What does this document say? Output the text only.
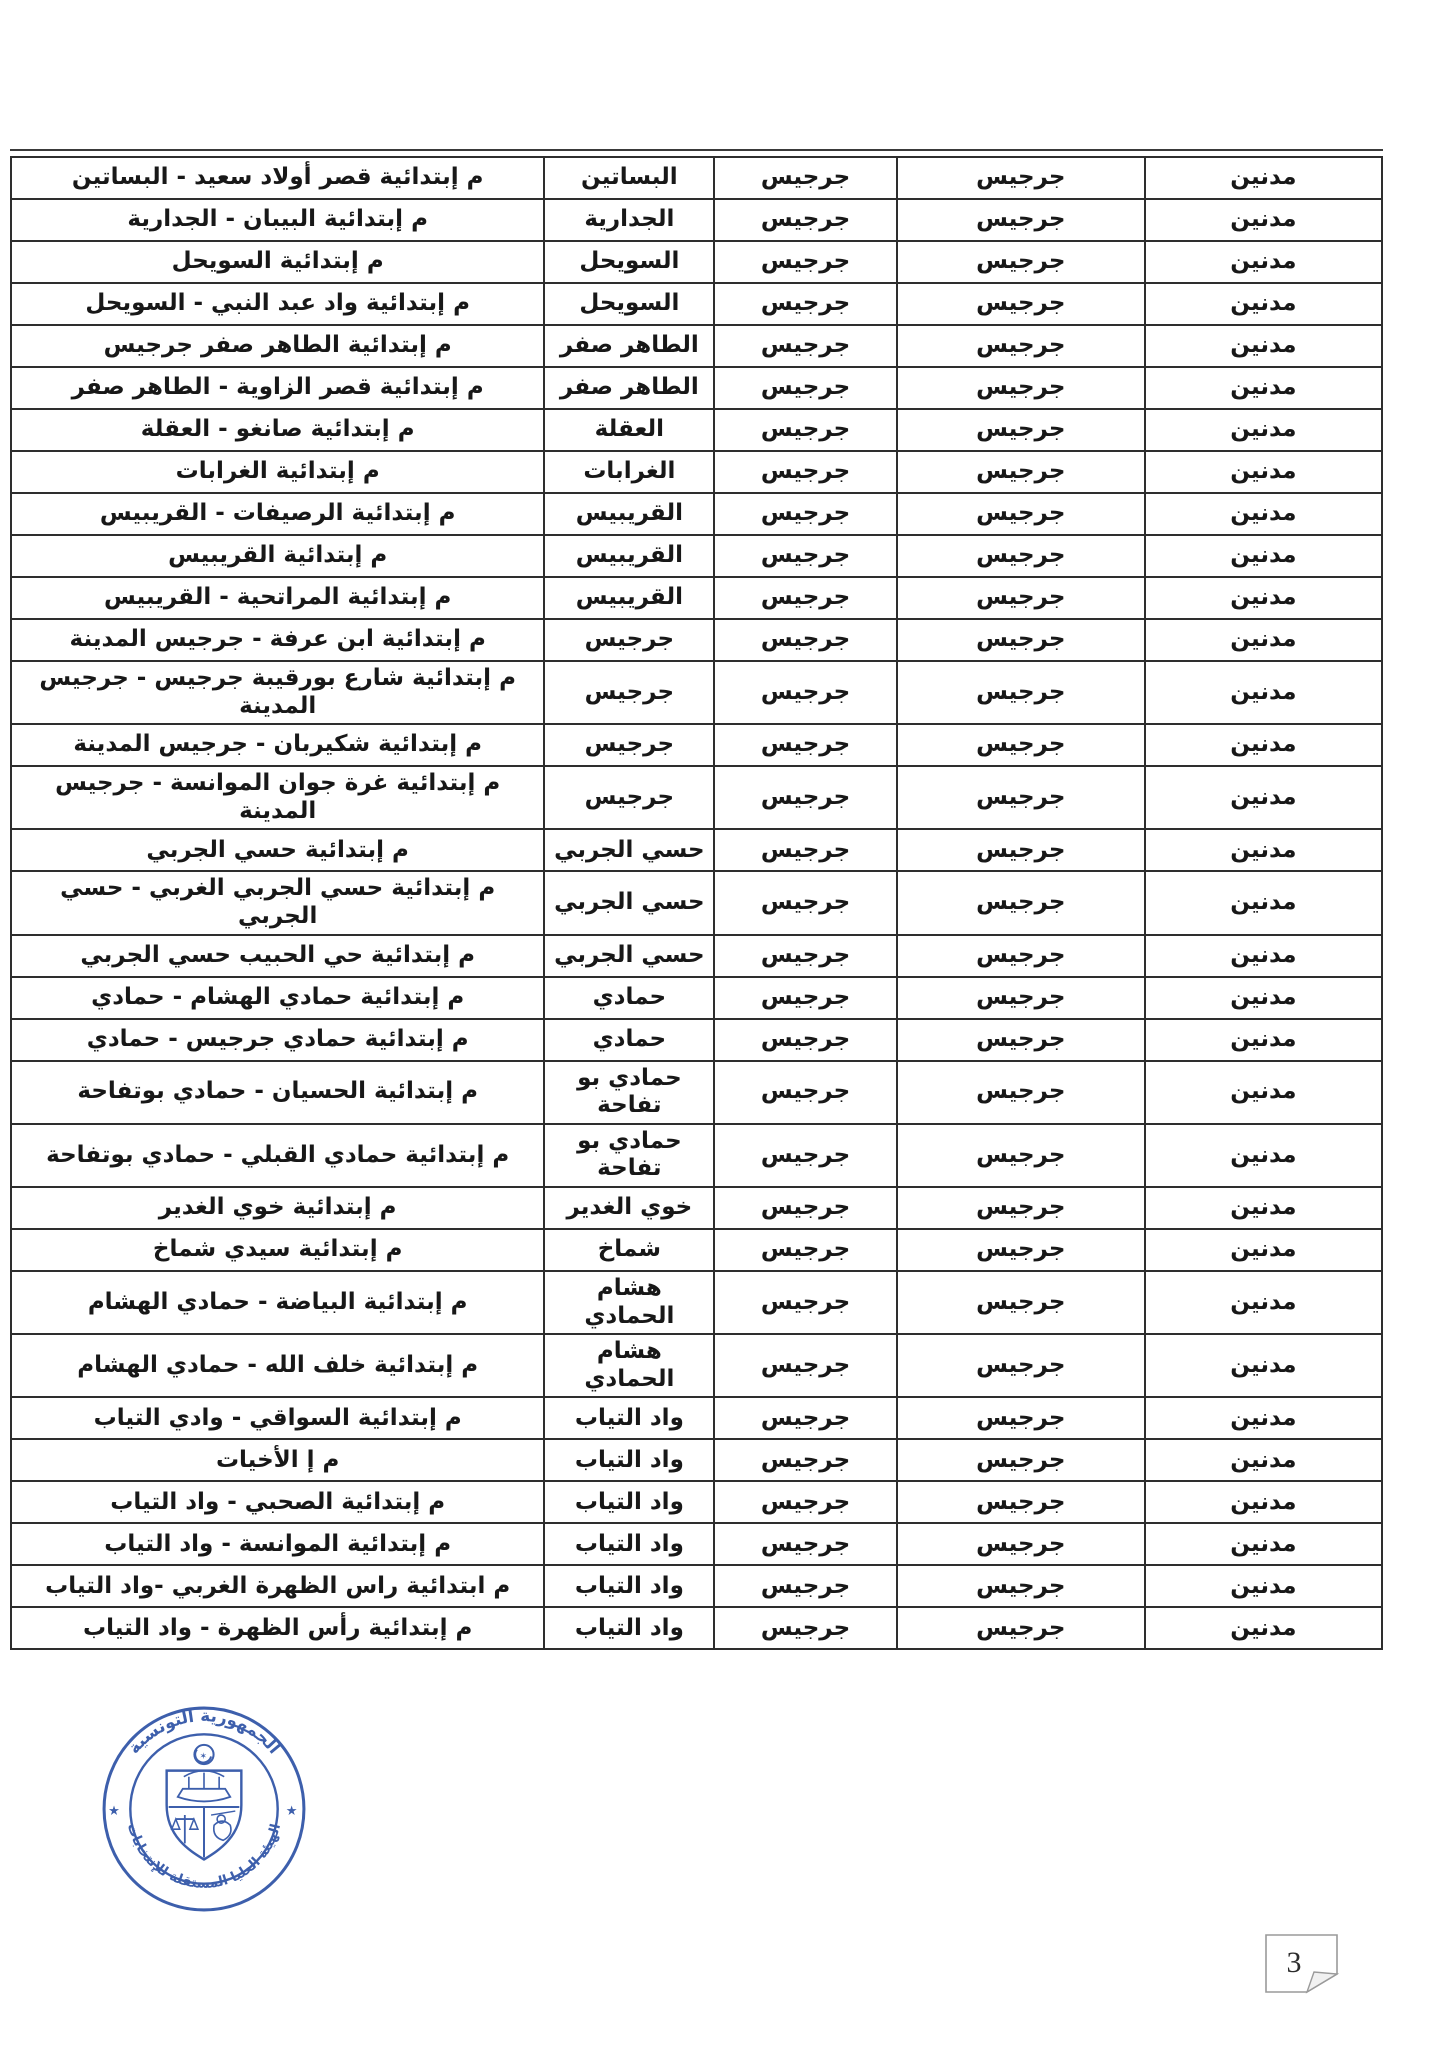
مدنين	جرجيس	جرجيس	البساتين	م إبتدائية قصر أولاد سعيد - البساتين
مدنين	جرجيس	جرجيس	الجدارية	م إبتدائية البيبان - الجدارية
مدنين	جرجيس	جرجيس	السويحل	م إبتدائية السويحل
مدنين	جرجيس	جرجيس	السويحل	م إبتدائية واد عبد النبي - السويحل
مدنين	جرجيس	جرجيس	الطاهر صفر	م إبتدائية الطاهر صفر جرجيس
مدنين	جرجيس	جرجيس	الطاهر صفر	م إبتدائية قصر الزاوية - الطاهر صفر
مدنين	جرجيس	جرجيس	العقلة	م إبتدائية صانغو - العقلة
مدنين	جرجيس	جرجيس	الغرابات	م إبتدائية الغرابات
مدنين	جرجيس	جرجيس	القريبيس	م إبتدائية الرصيفات - القريبيس
مدنين	جرجيس	جرجيس	القريبيس	م إبتدائية القريبيس
مدنين	جرجيس	جرجيس	القريبيس	م إبتدائية المراتحية - القريبيس
مدنين	جرجيس	جرجيس	جرجيس	م إبتدائية ابن عرفة - جرجيس المدينة
مدنين	جرجيس	جرجيس	جرجيس	م إبتدائية شارع بورقيبة جرجيس - جرجيس المدينة
مدنين	جرجيس	جرجيس	جرجيس	م إبتدائية شكيربان - جرجيس المدينة
مدنين	جرجيس	جرجيس	جرجيس	م إبتدائية غرة جوان الموانسة - جرجيس المدينة
مدنين	جرجيس	جرجيس	حسي الجربي	م إبتدائية حسي الجربي
مدنين	جرجيس	جرجيس	حسي الجربي	م إبتدائية حسي الجربي الغربي - حسي الجربي
مدنين	جرجيس	جرجيس	حسي الجربي	م إبتدائية حي الحبيب حسي الجربي
مدنين	جرجيس	جرجيس	حمادي	م إبتدائية حمادي الهشام - حمادي
مدنين	جرجيس	جرجيس	حمادي	م إبتدائية حمادي جرجيس - حمادي
مدنين	جرجيس	جرجيس	حمادي بو تفاحة	م إبتدائية الحسيان - حمادي بوتفاحة
مدنين	جرجيس	جرجيس	حمادي بو تفاحة	م إبتدائية حمادي القبلي - حمادي بوتفاحة
مدنين	جرجيس	جرجيس	خوي الغدير	م إبتدائية خوي الغدير
مدنين	جرجيس	جرجيس	شماخ	م إبتدائية سيدي شماخ
مدنين	جرجيس	جرجيس	هشام الحمادي	م إبتدائية البياضة - حمادي الهشام
مدنين	جرجيس	جرجيس	هشام الحمادي	م إبتدائية خلف الله - حمادي الهشام
مدنين	جرجيس	جرجيس	واد التياب	م إبتدائية السواقي - وادي التياب
مدنين	جرجيس	جرجيس	واد التياب	م إ الأخيات
مدنين	جرجيس	جرجيس	واد التياب	م إبتدائية الصحبي - واد التياب
مدنين	جرجيس	جرجيس	واد التياب	م إبتدائية الموانسة - واد التياب
مدنين	جرجيس	جرجيس	واد التياب	م ابتدائية راس الظهرة الغربي -واد التياب
مدنين	جرجيس	جرجيس	واد التياب	م إبتدائية رأس الظهرة - واد التياب
الجمهورية التونسية
الهيئة العليا المستقلة للإنتخابات
★	★
✶
3
